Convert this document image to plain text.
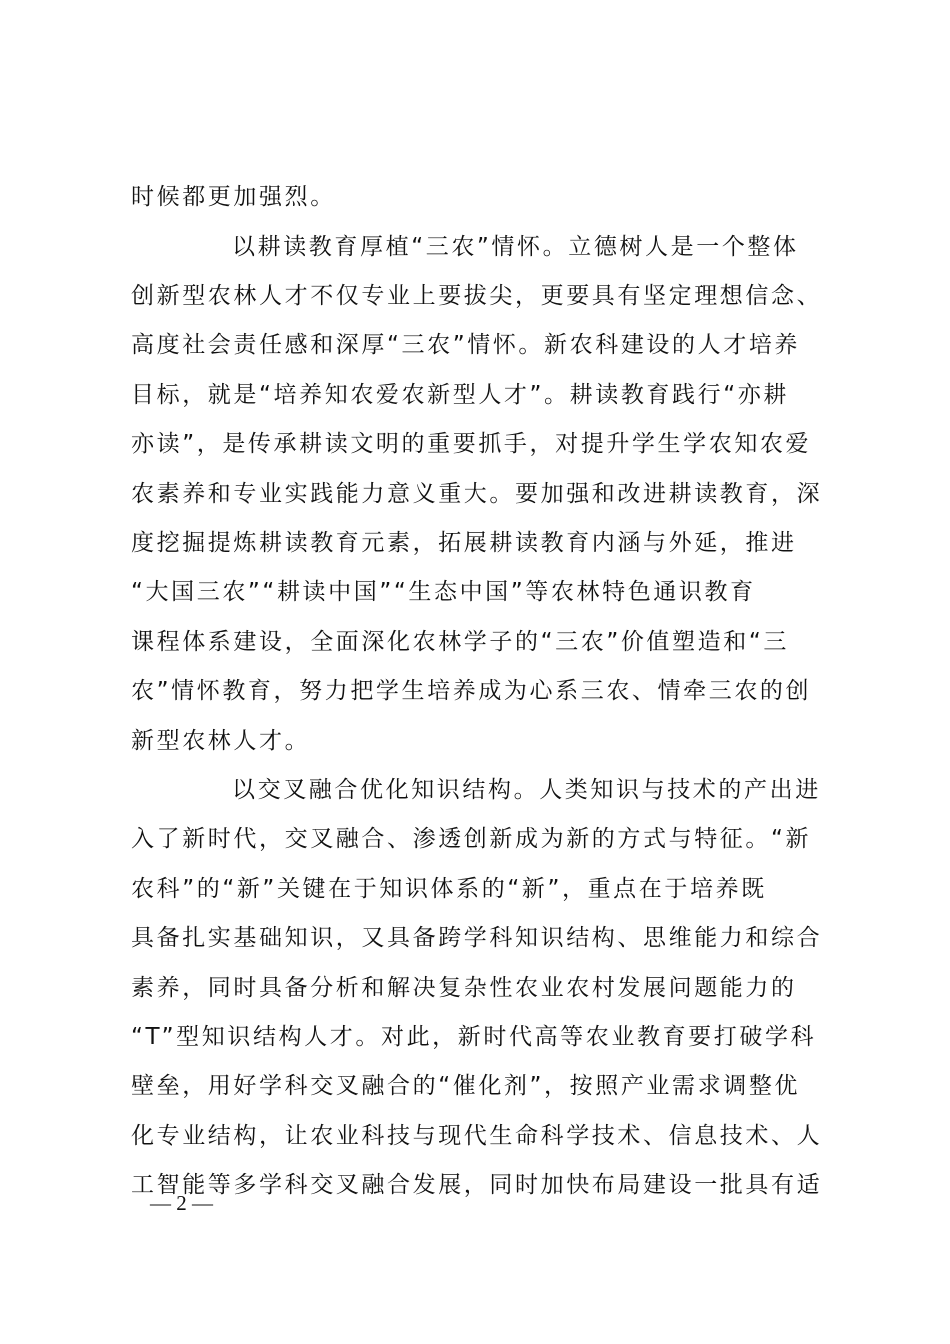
时候都更加强烈。
以耕读教育厚植“三农”情怀。立德树人是一个整体
创新型农林人才不仅专业上要拔尖，更要具有坚定理想信念、
高度社会责任感和深厚“三农”情怀。新农科建设的人才培养
目标，就是“培养知农爱农新型人才”。耕读教育践行“亦耕
亦读”，是传承耕读文明的重要抓手，对提升学生学农知农爱
农素养和专业实践能力意义重大。要加强和改进耕读教育，深
度挖掘提炼耕读教育元素，拓展耕读教育内涵与外延，推进
“大国三农”“耕读中国”“生态中国”等农林特色通识教育
课程体系建设，全面深化农林学子的“三农”价值塑造和“三
农”情怀教育，努力把学生培养成为心系三农、情牵三农的创
新型农林人才。
以交叉融合优化知识结构。人类知识与技术的产出进
入了新时代，交叉融合、渗透创新成为新的方式与特征。“新
农科”的“新”关键在于知识体系的“新”，重点在于培养既
具备扎实基础知识，又具备跨学科知识结构、思维能力和综合
素养，同时具备分析和解决复杂性农业农村发展问题能力的
“T”型知识结构人才。对此，新时代高等农业教育要打破学科
壁垒，用好学科交叉融合的“催化剂”，按照产业需求调整优
化专业结构，让农业科技与现代生命科学技术、信息技术、人
工智能等多学科交叉融合发展，同时加快布局建设一批具有适
— 2 —
